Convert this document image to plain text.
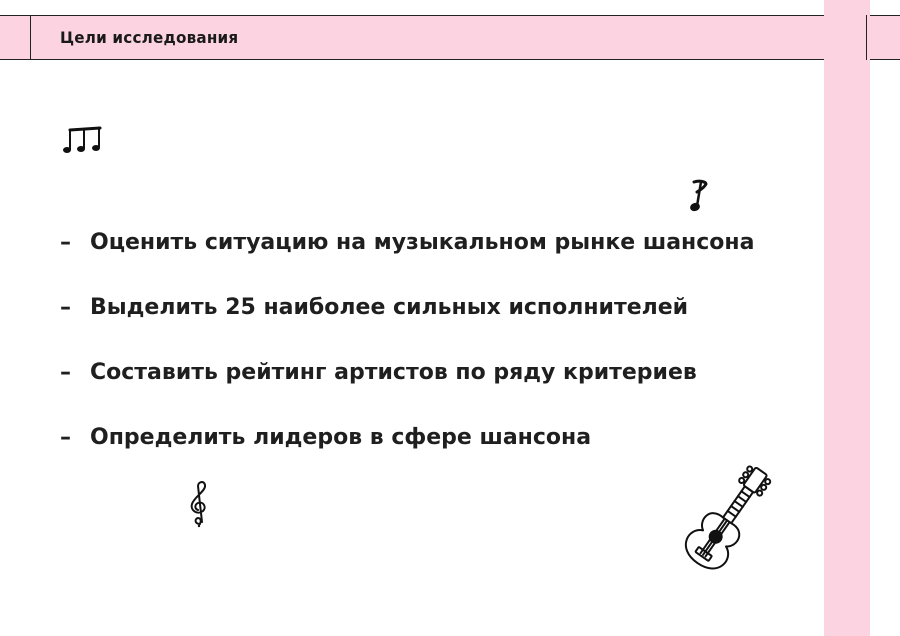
Цели исследования
– Оценить ситуацию на музыкальном рынке шансона
– Выделить 25 наиболее сильных исполнителей
– Составить рейтинг артистов по ряду критериев
– Определить лидеров в сфере шансона
